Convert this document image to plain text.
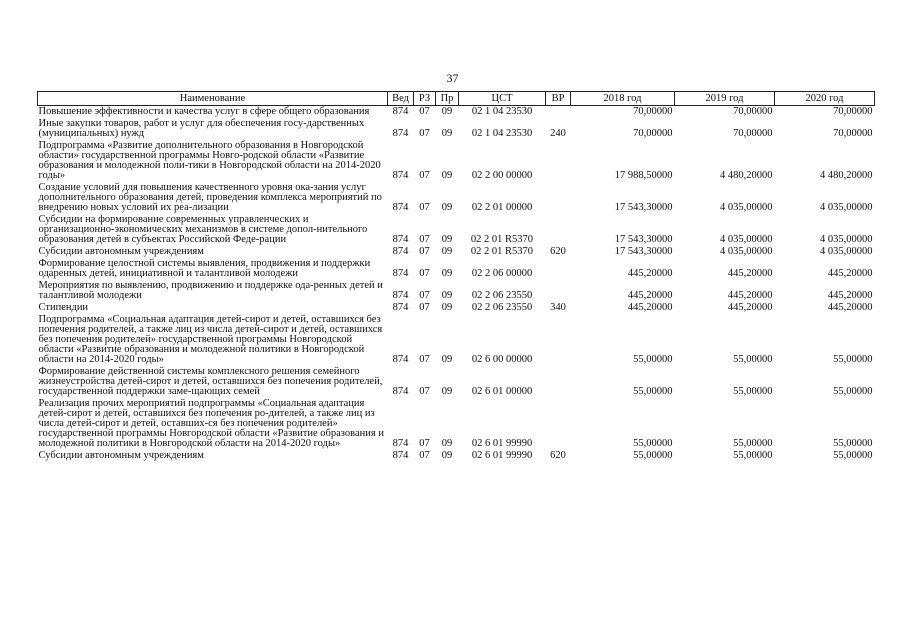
37
Наименование	Вед	РЗ	Пр	ЦСТ	ВР	2018 год	2019 год	2020 год
Повышение эффективности и качества услуг в сфере общего образования	874	07	09	02 1 04 23530		70,00000	70,00000	70,00000
Иные закупки товаров, работ и услуг для обеспечения госу-дарственных (муниципальных) нужд	874	07	09	02 1 04 23530	240	70,00000	70,00000	70,00000
Подпрограмма «Развитие дополнительного образования в Новгородской области» государственной программы Новго-родской области «Развитие образования и молодежной поли-тики в Новгородской области на 2014-2020 годы»	874	07	09	02 2 00 00000		17 988,50000	4 480,20000	4 480,20000
Создание условий для повышения качественного уровня ока-зания услуг дополнительного образования детей, проведения комплекса мероприятий по внедрению новых условий их реа-лизации	874	07	09	02 2 01 00000		17 543,30000	4 035,00000	4 035,00000
Субсидии на формирование современных управленческих и организационно-экономических механизмов в системе допол-нительного образования детей в субъектах Российской Феде-рации	874	07	09	02 2 01 R5370		17 543,30000	4 035,00000	4 035,00000
Субсидии автономным учреждениям	874	07	09	02 2 01 R5370	620	17 543,30000	4 035,00000	4 035,00000
Формирование целостной системы выявления, продвижения и поддержки одаренных детей, инициативной и талантливой молодежи	874	07	09	02 2 06 00000		445,20000	445,20000	445,20000
Мероприятия по выявлению, продвижению и поддержке ода-ренных детей и талантливой молодежи	874	07	09	02 2 06 23550		445,20000	445,20000	445,20000
Стипендии	874	07	09	02 2 06 23550	340	445,20000	445,20000	445,20000
Подпрограмма «Социальная адаптация детей-сирот и детей, оставшихся без попечения родителей, а также лиц из числа детей-сирот и детей, оставшихся без попечения родителей» государственной программы Новгородской области «Развитие образования и молодежной политики в Новгородской области на 2014-2020 годы»	874	07	09	02 6 00 00000		55,00000	55,00000	55,00000
Формирование действенной системы комплексного решения семейного жизнеустройства детей-сирот и детей, оставшихся без попечения родителей, государственной поддержки заме-щающих семей	874	07	09	02 6 01 00000		55,00000	55,00000	55,00000
Реализация прочих мероприятий подпрограммы «Социальная адаптация детей-сирот и детей, оставшихся без попечения ро-дителей, а также лиц из числа детей-сирот и детей, оставших-ся без попечения родителей» государственной программы Новгородской области «Развитие образования и молодежной политики в Новгородской области на 2014-2020 годы»	874	07	09	02 6 01 99990		55,00000	55,00000	55,00000
Субсидии автономным учреждениям	874	07	09	02 6 01 99990	620	55,00000	55,00000	55,00000
